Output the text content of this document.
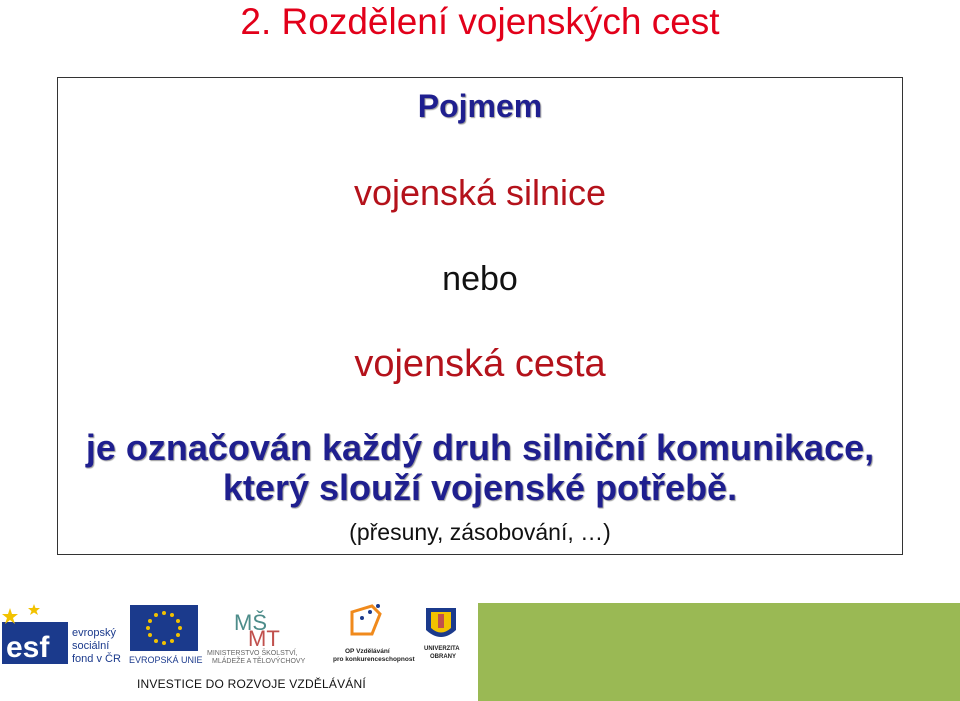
2. Rozdělení vojenských cest
Pojmem
vojenská silnice
nebo
vojenská cesta
je označován každý druh silniční komunikace,
který slouží vojenské potřebě.
(přesuny, zásobování, …)
esf evropský
sociální
fond v ČR EVROPSKÁ UNIE
MŠ
MT
MINISTERSTVO ŠKOLSTVÍ,
MLÁDEŽE A TĚLOVÝCHOVY
OP Vzdělávání
pro konkurenceschopnost
UNIVERZITA
OBRANY
INVESTICE DO ROZVOJE VZDĚLÁVÁNÍ
